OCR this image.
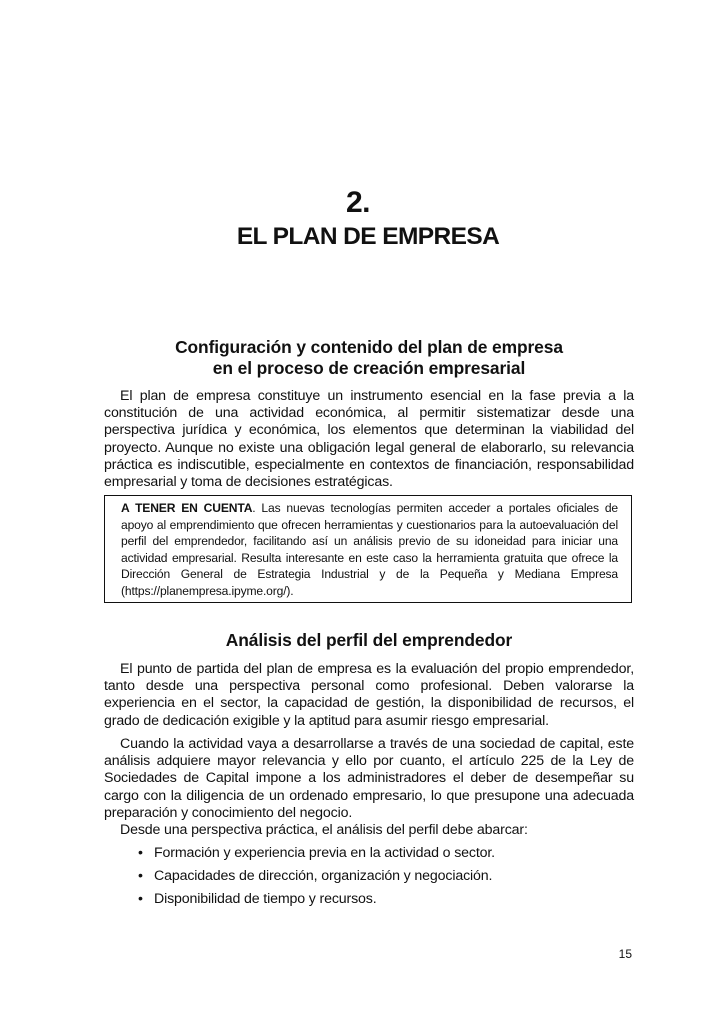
2.
EL PLAN DE EMPRESA
Configuración y contenido del plan de empresa
en el proceso de creación empresarial

El plan de empresa constituye un instrumento esencial en la fase previa a la constitución de una actividad económica, al permitir sistematizar desde una perspectiva jurídica y económica, los elementos que determinan la viabilidad del proyecto. Aunque no existe una obligación legal general de elaborarlo, su relevancia práctica es indiscutible, especialmente en contextos de financiación, responsabilidad empresarial y toma de decisiones estratégicas.

A TENER EN CUENTA. Las nuevas tecnologías permiten acceder a portales oficiales de apoyo al emprendimiento que ofrecen herramientas y cuestionarios para la autoevaluación del perfil del emprendedor, facilitando así un análisis previo de su idoneidad para iniciar una actividad empresarial. Resulta interesante en este caso la herramienta gratuita que ofrece la Dirección General de Estrategia Industrial y de la Pequeña y Mediana Empresa (https://planempresa.ipyme.org/).

Análisis del perfil del emprendedor

El punto de partida del plan de empresa es la evaluación del propio emprendedor, tanto desde una perspectiva personal como profesional. Deben valorarse la experiencia en el sector, la capacidad de gestión, la disponibilidad de recursos, el grado de dedicación exigible y la aptitud para asumir riesgo empresarial.

Cuando la actividad vaya a desarrollarse a través de una sociedad de capital, este análisis adquiere mayor relevancia y ello por cuanto, el artículo 225 de la Ley de Sociedades de Capital impone a los administradores el deber de desempeñar su cargo con la diligencia de un ordenado empresario, lo que presupone una adecuada preparación y conocimiento del negocio.

Desde una perspectiva práctica, el análisis del perfil debe abarcar:

• Formación y experiencia previa en la actividad o sector.
• Capacidades de dirección, organización y negociación.
• Disponibilidad de tiempo y recursos.
15
